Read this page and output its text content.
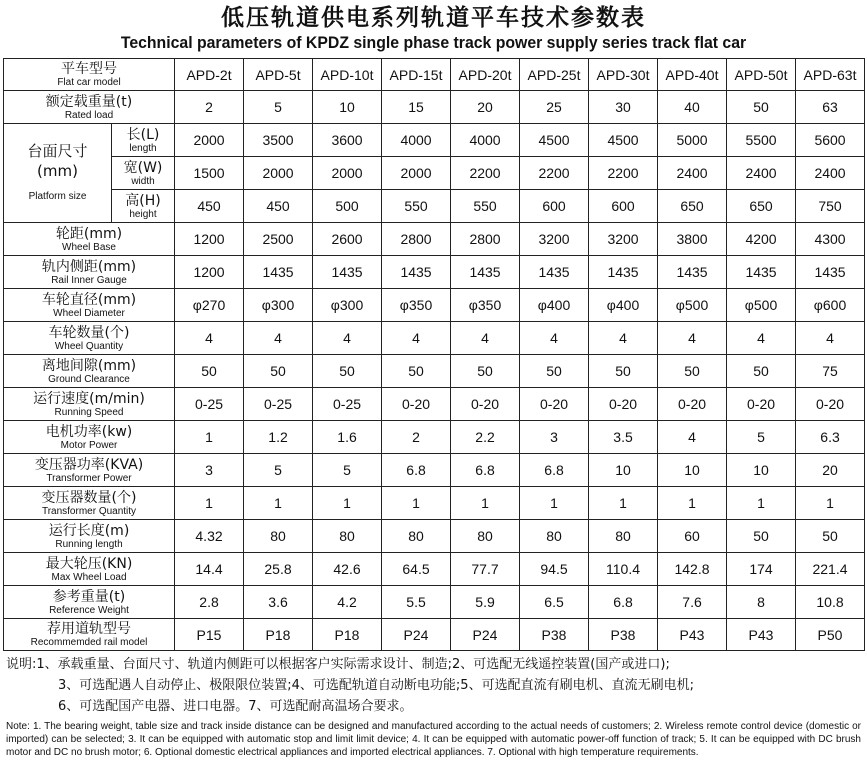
低压轨道供电系列轨道平车技术参数表
Technical parameters of KPDZ single phase track power supply series track flat car
平车型号
Flat car model		APD-2t	APD-5t	APD-10t	APD-15t	APD-20t	APD-25t	APD-30t	APD-40t	APD-50t	APD-63t

额定载重量(t)
Rated load		2	5	10	15	20	25	30	40	50	63

台面尺寸
(mm)
Platform size	长(L)
length	2000	3500	3600	4000	4000	4500	4500	5000	5500	5600

	宽(W)
width	1500	2000	2000	2000	2200	2200	2200	2400	2400	2400

	高(H)
height	450	450	500	550	550	600	600	650	650	750

轮距(mm)
Wheel Base		1200	2500	2600	2800	2800	3200	3200	3800	4200	4300

轨内侧距(mm)
Rail Inner Gauge		1200	1435	1435	1435	1435	1435	1435	1435	1435	1435

车轮直径(mm)
Wheel Diameter		φ270	φ300	φ300	φ350	φ350	φ400	φ400	φ500	φ500	φ600

车轮数量(个)
Wheel Quantity		4	4	4	4	4	4	4	4	4	4

离地间隙(mm)
Ground Clearance		50	50	50	50	50	50	50	50	50	75

运行速度(m/min)
Running Speed		0-25	0-25	0-25	0-20	0-20	0-20	0-20	0-20	0-20	0-20

电机功率(kw)
Motor Power		1	1.2	1.6	2	2.2	3	3.5	4	5	6.3

变压器功率(KVA)
Transformer Power		3	5	5	6.8	6.8	6.8	10	10	10	20

变压器数量(个)
Transformer Quantity		1	1	1	1	1	1	1	1	1	1

运行长度(m)
Running length		4.32	80	80	80	80	80	80	60	50	50

最大轮压(KN)
Max Wheel Load		14.4	25.8	42.6	64.5	77.7	94.5	110.4	142.8	174	221.4

参考重量(t)
Reference Weight		2.8	3.6	4.2	5.5	5.9	6.5	6.8	7.6	8	10.8

荐用道轨型号
Recommemded rail model		P15	P18	P18	P24	P24	P38	P38	P43	P43	P50
说明:1、承载重量、台面尺寸、轨道内侧距可以根据客户实际需求设计、制造;2、可选配无线遥控装置(国产或进口);
3、可选配遇人自动停止、极限限位装置;4、可选配轨道自动断电功能;5、可选配直流有刷电机、直流无刷电机;
6、可选配国产电器、进口电器。7、可选配耐高温场合要求。
Note: 1. The bearing weight, table size and track inside distance can be designed and manufactured according to the actual needs of customers; 2. Wireless remote control device (domestic or imported) can be selected; 3. It can be equipped with automatic stop and limit limit device; 4. It can be equipped with automatic power-off function of track; 5. It can be equipped with DC brush motor and DC no brush motor; 6. Optional domestic electrical appliances and imported electrical appliances. 7. Optional with high temperature requirements.
